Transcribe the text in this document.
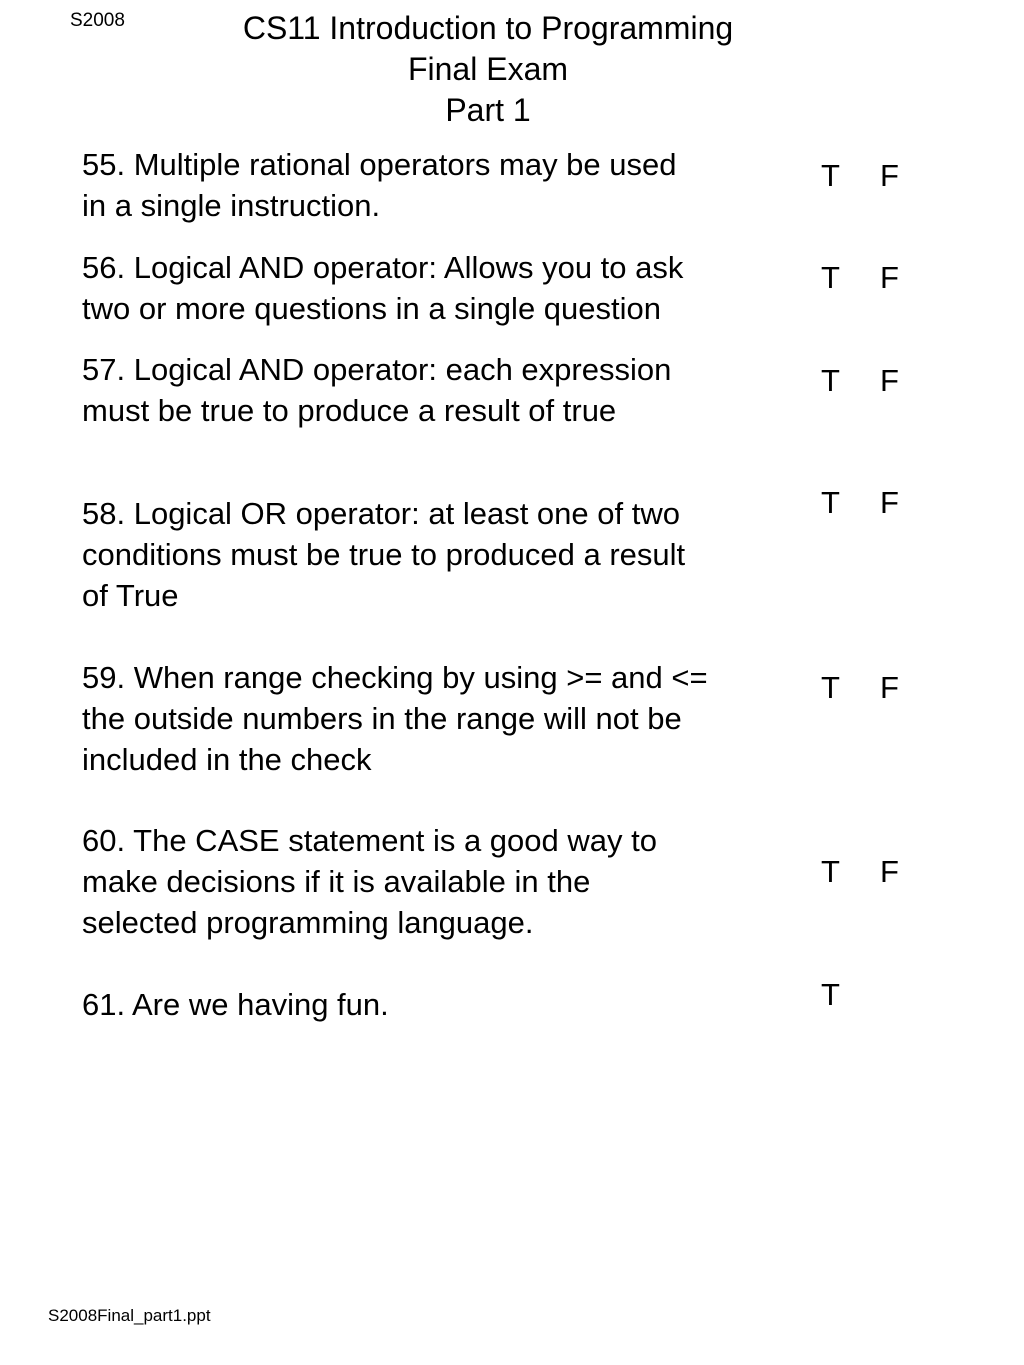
S2008	CS11 Introduction to Programming
Final Exam
Part 1
55. Multiple rational operators may be used
in a single instruction.
T F
56. Logical AND operator: Allows you to ask
two or more questions in a single question
T F
57. Logical AND operator: each expression
must be true to produce a result of true
T F
58. Logical OR operator: at least one of two
conditions must be true to produced a result
of True
T F
59. When range checking by using >= and <=
the outside numbers in the range will not be
included in the check
T F
60. The CASE statement is a good way to
make decisions if it is available in the
selected programming language.
T F
61. Are we having fun.	T
S2008Final_part1.ppt
